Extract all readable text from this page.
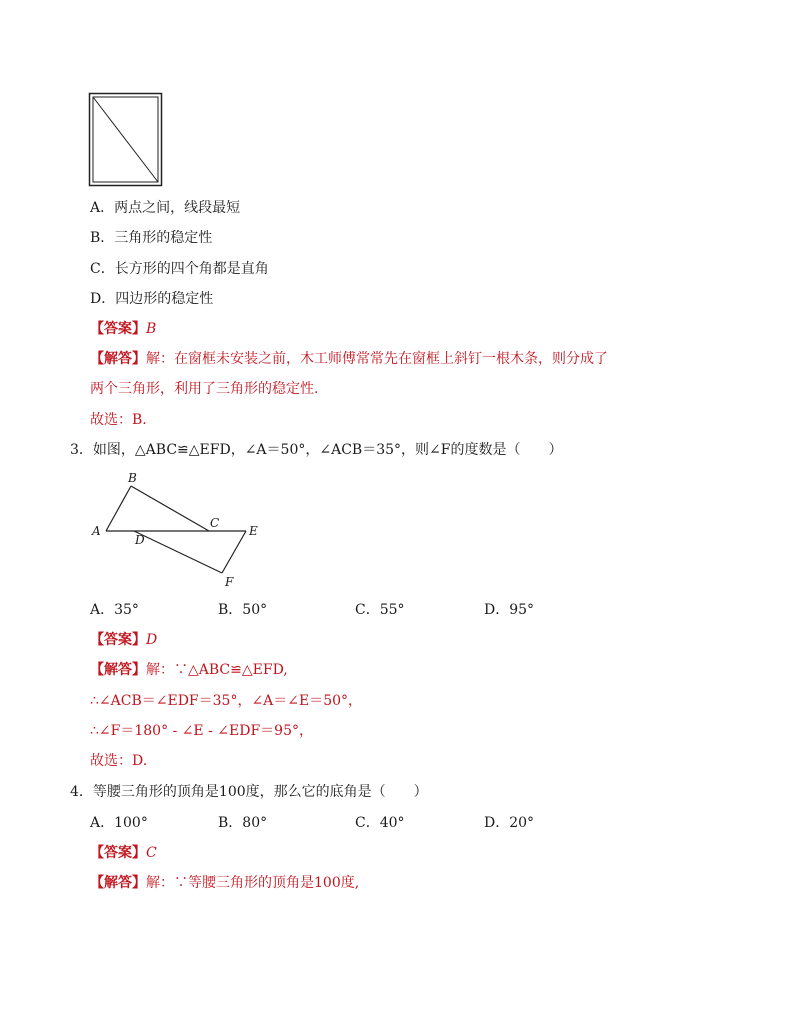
A．两点之间，线段最短
B．三角形的稳定性
C．长方形的四个角都是直角
D．四边形的稳定性
【答案】B
【解答】解：在窗框未安装之前，木工师傅常常先在窗框上斜钉一根木条，则分成了
两个三角形，利用了三角形的稳定性.
故选：B.
3．如图，△ABC≌△EFD，∠A＝50°，∠ACB＝35°，则∠F的度数是（　　）
A
B
C
D
E
F
A．35°	B．50°	C．55°	D．95°
【答案】D
【解答】解：∵△ABC≌△EFD,
∴∠ACB＝∠EDF＝35°，∠A＝∠E＝50°，
∴∠F＝180° - ∠E - ∠EDF＝95°，
故选：D.
4．等腰三角形的顶角是100度，那么它的底角是（　　）
A．100°	B．80°	C．40°	D．20°
【答案】C
【解答】解：∵等腰三角形的顶角是100度,
